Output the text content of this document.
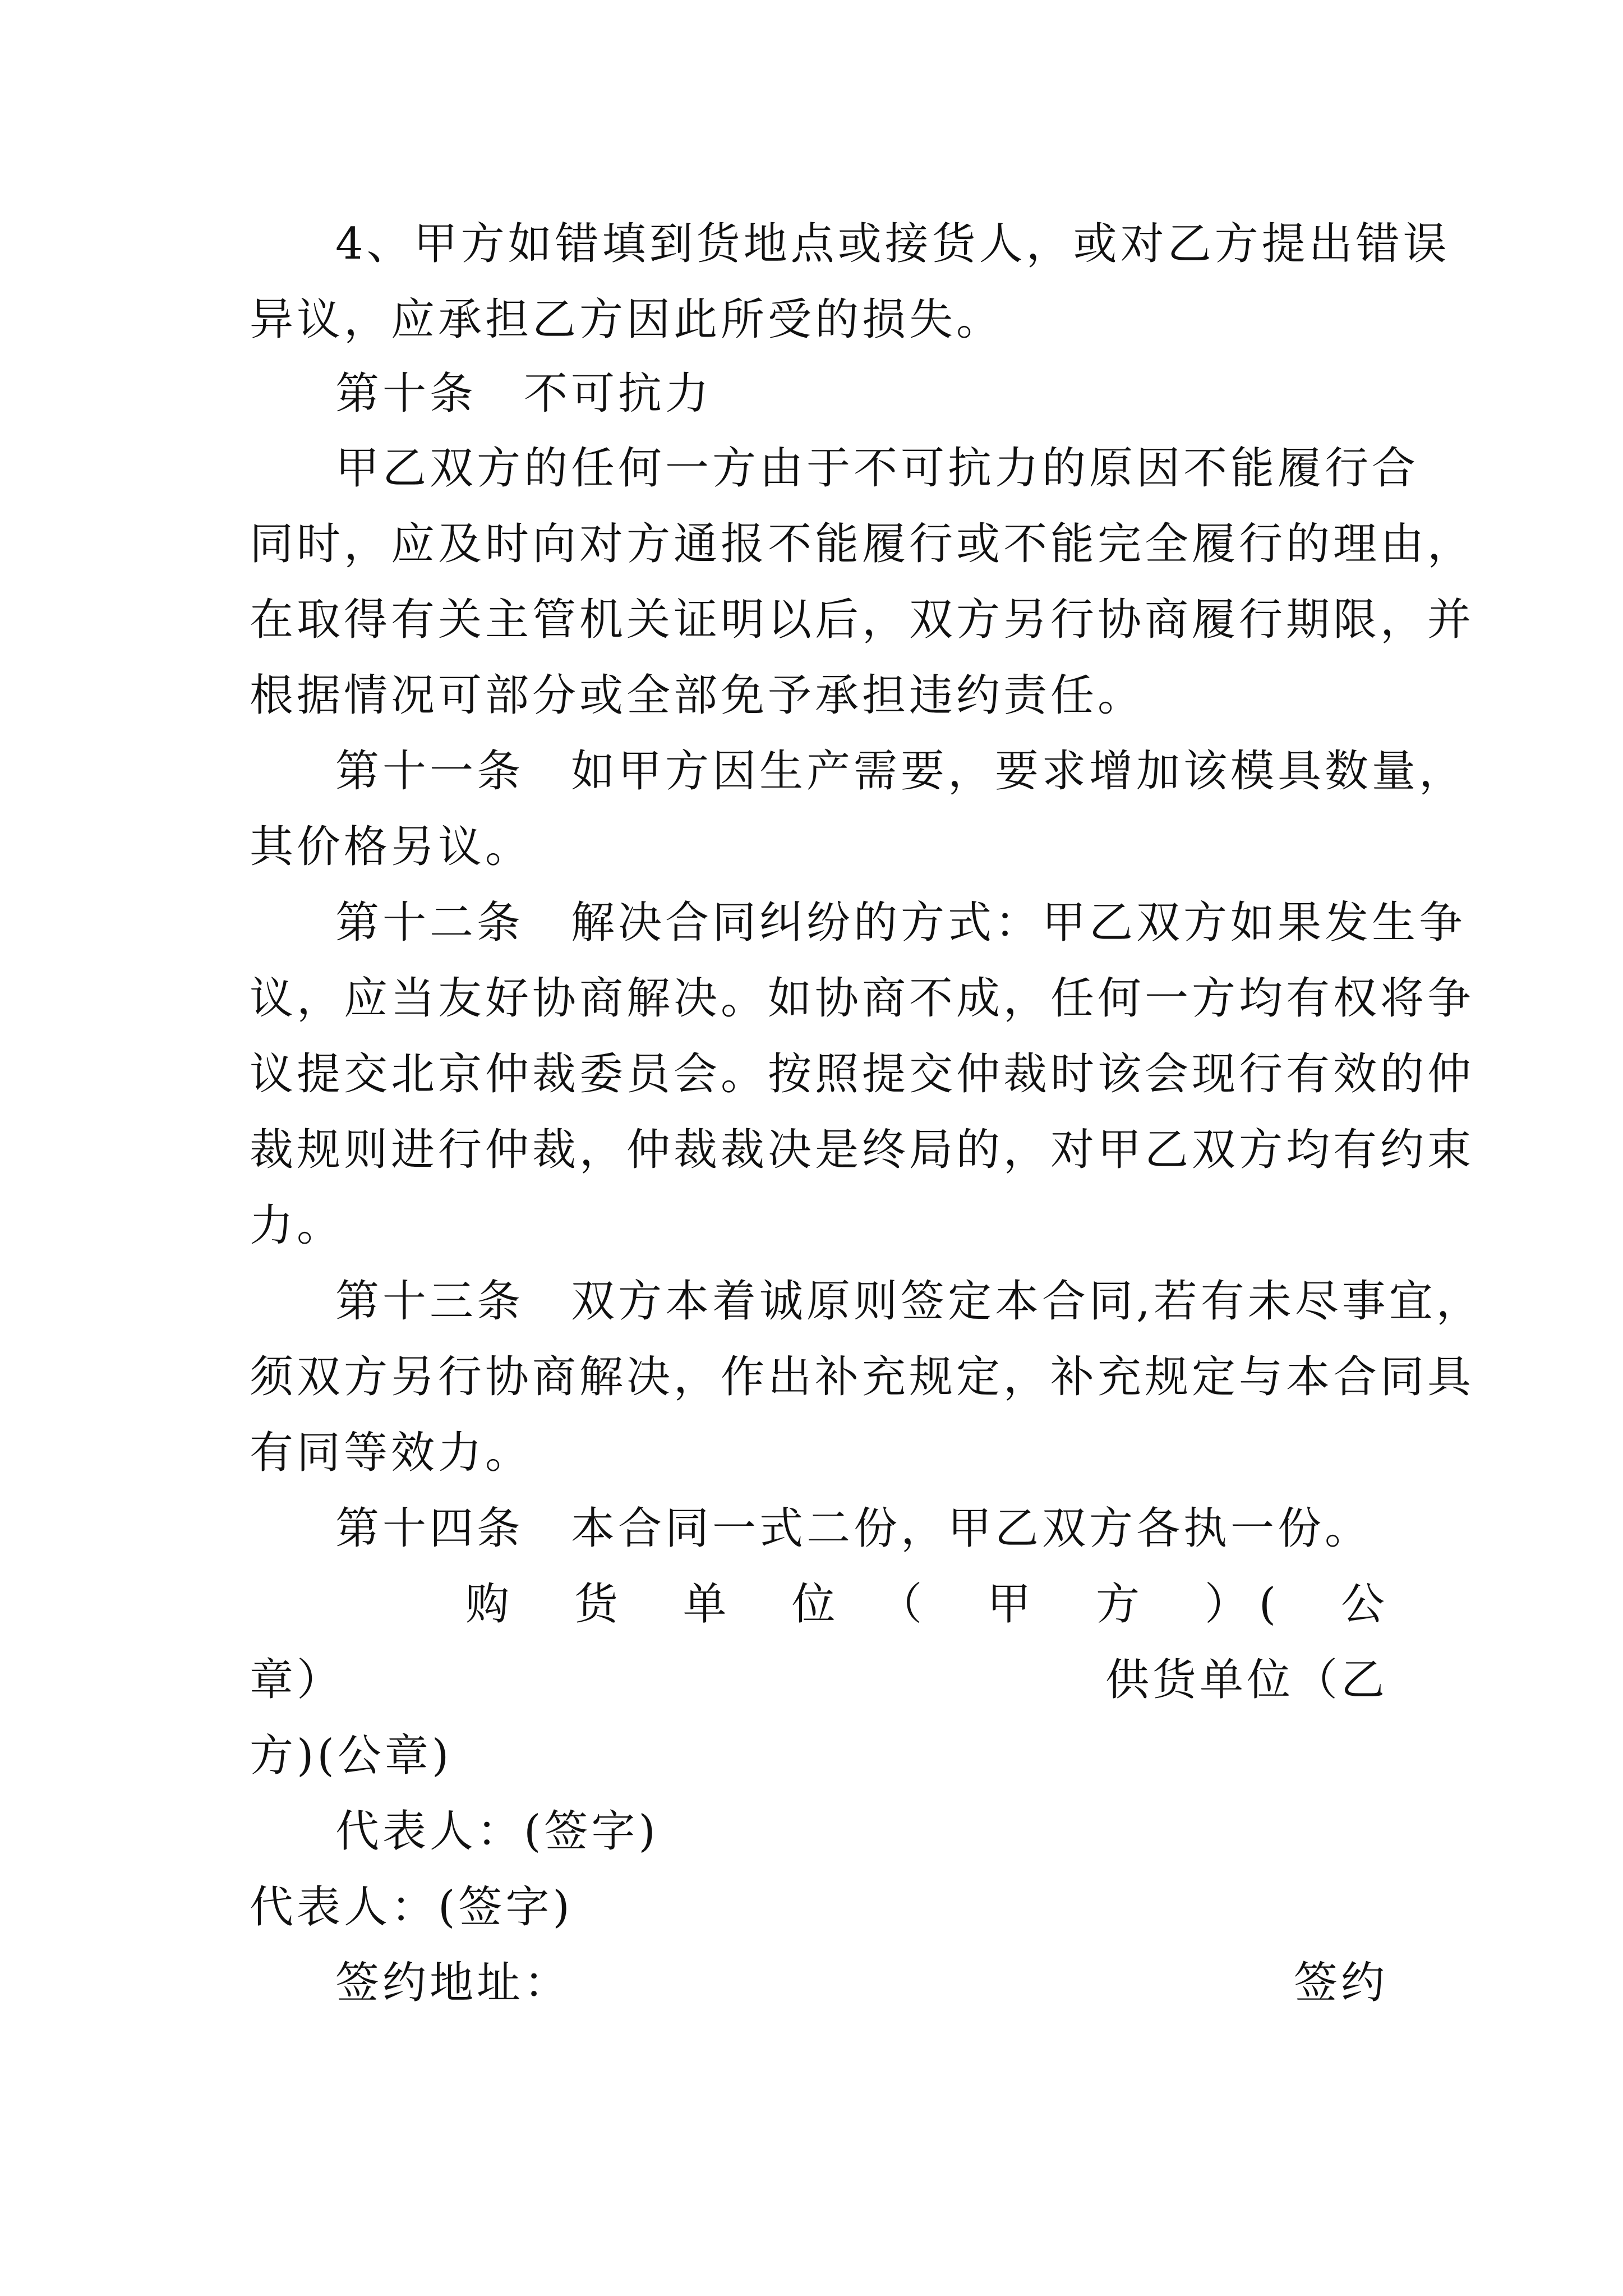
4、甲方如错填到货地点或接货人，或对乙方提出错误
异议，应承担乙方因此所受的损失。
第十条　不可抗力
甲乙双方的任何一方由于不可抗力的原因不能履行合
同时，应及时向对方通报不能履行或不能完全履行的理由，
在取得有关主管机关证明以后，双方另行协商履行期限，并
根据情况可部分或全部免予承担违约责任。
第十一条　如甲方因生产需要，要求增加该模具数量，
其价格另议。
第十二条　解决合同纠纷的方式：甲乙双方如果发生争
议，应当友好协商解决。如协商不成，任何一方均有权将争
议提交北京仲裁委员会。按照提交仲裁时该会现行有效的仲
裁规则进行仲裁，仲裁裁决是终局的，对甲乙双方均有约束
力。
第十三条　双方本着诚原则签定本合同,若有未尽事宜，
须双方另行协商解决，作出补充规定，补充规定与本合同具
有同等效力。
第十四条　本合同一式二份，甲乙双方各执一份。
购　货　单　位　（　甲　方　）(　公
章）	供货单位（乙
方)(公章)
代表人：(签字)
代表人：(签字)
签约地址：	签约
